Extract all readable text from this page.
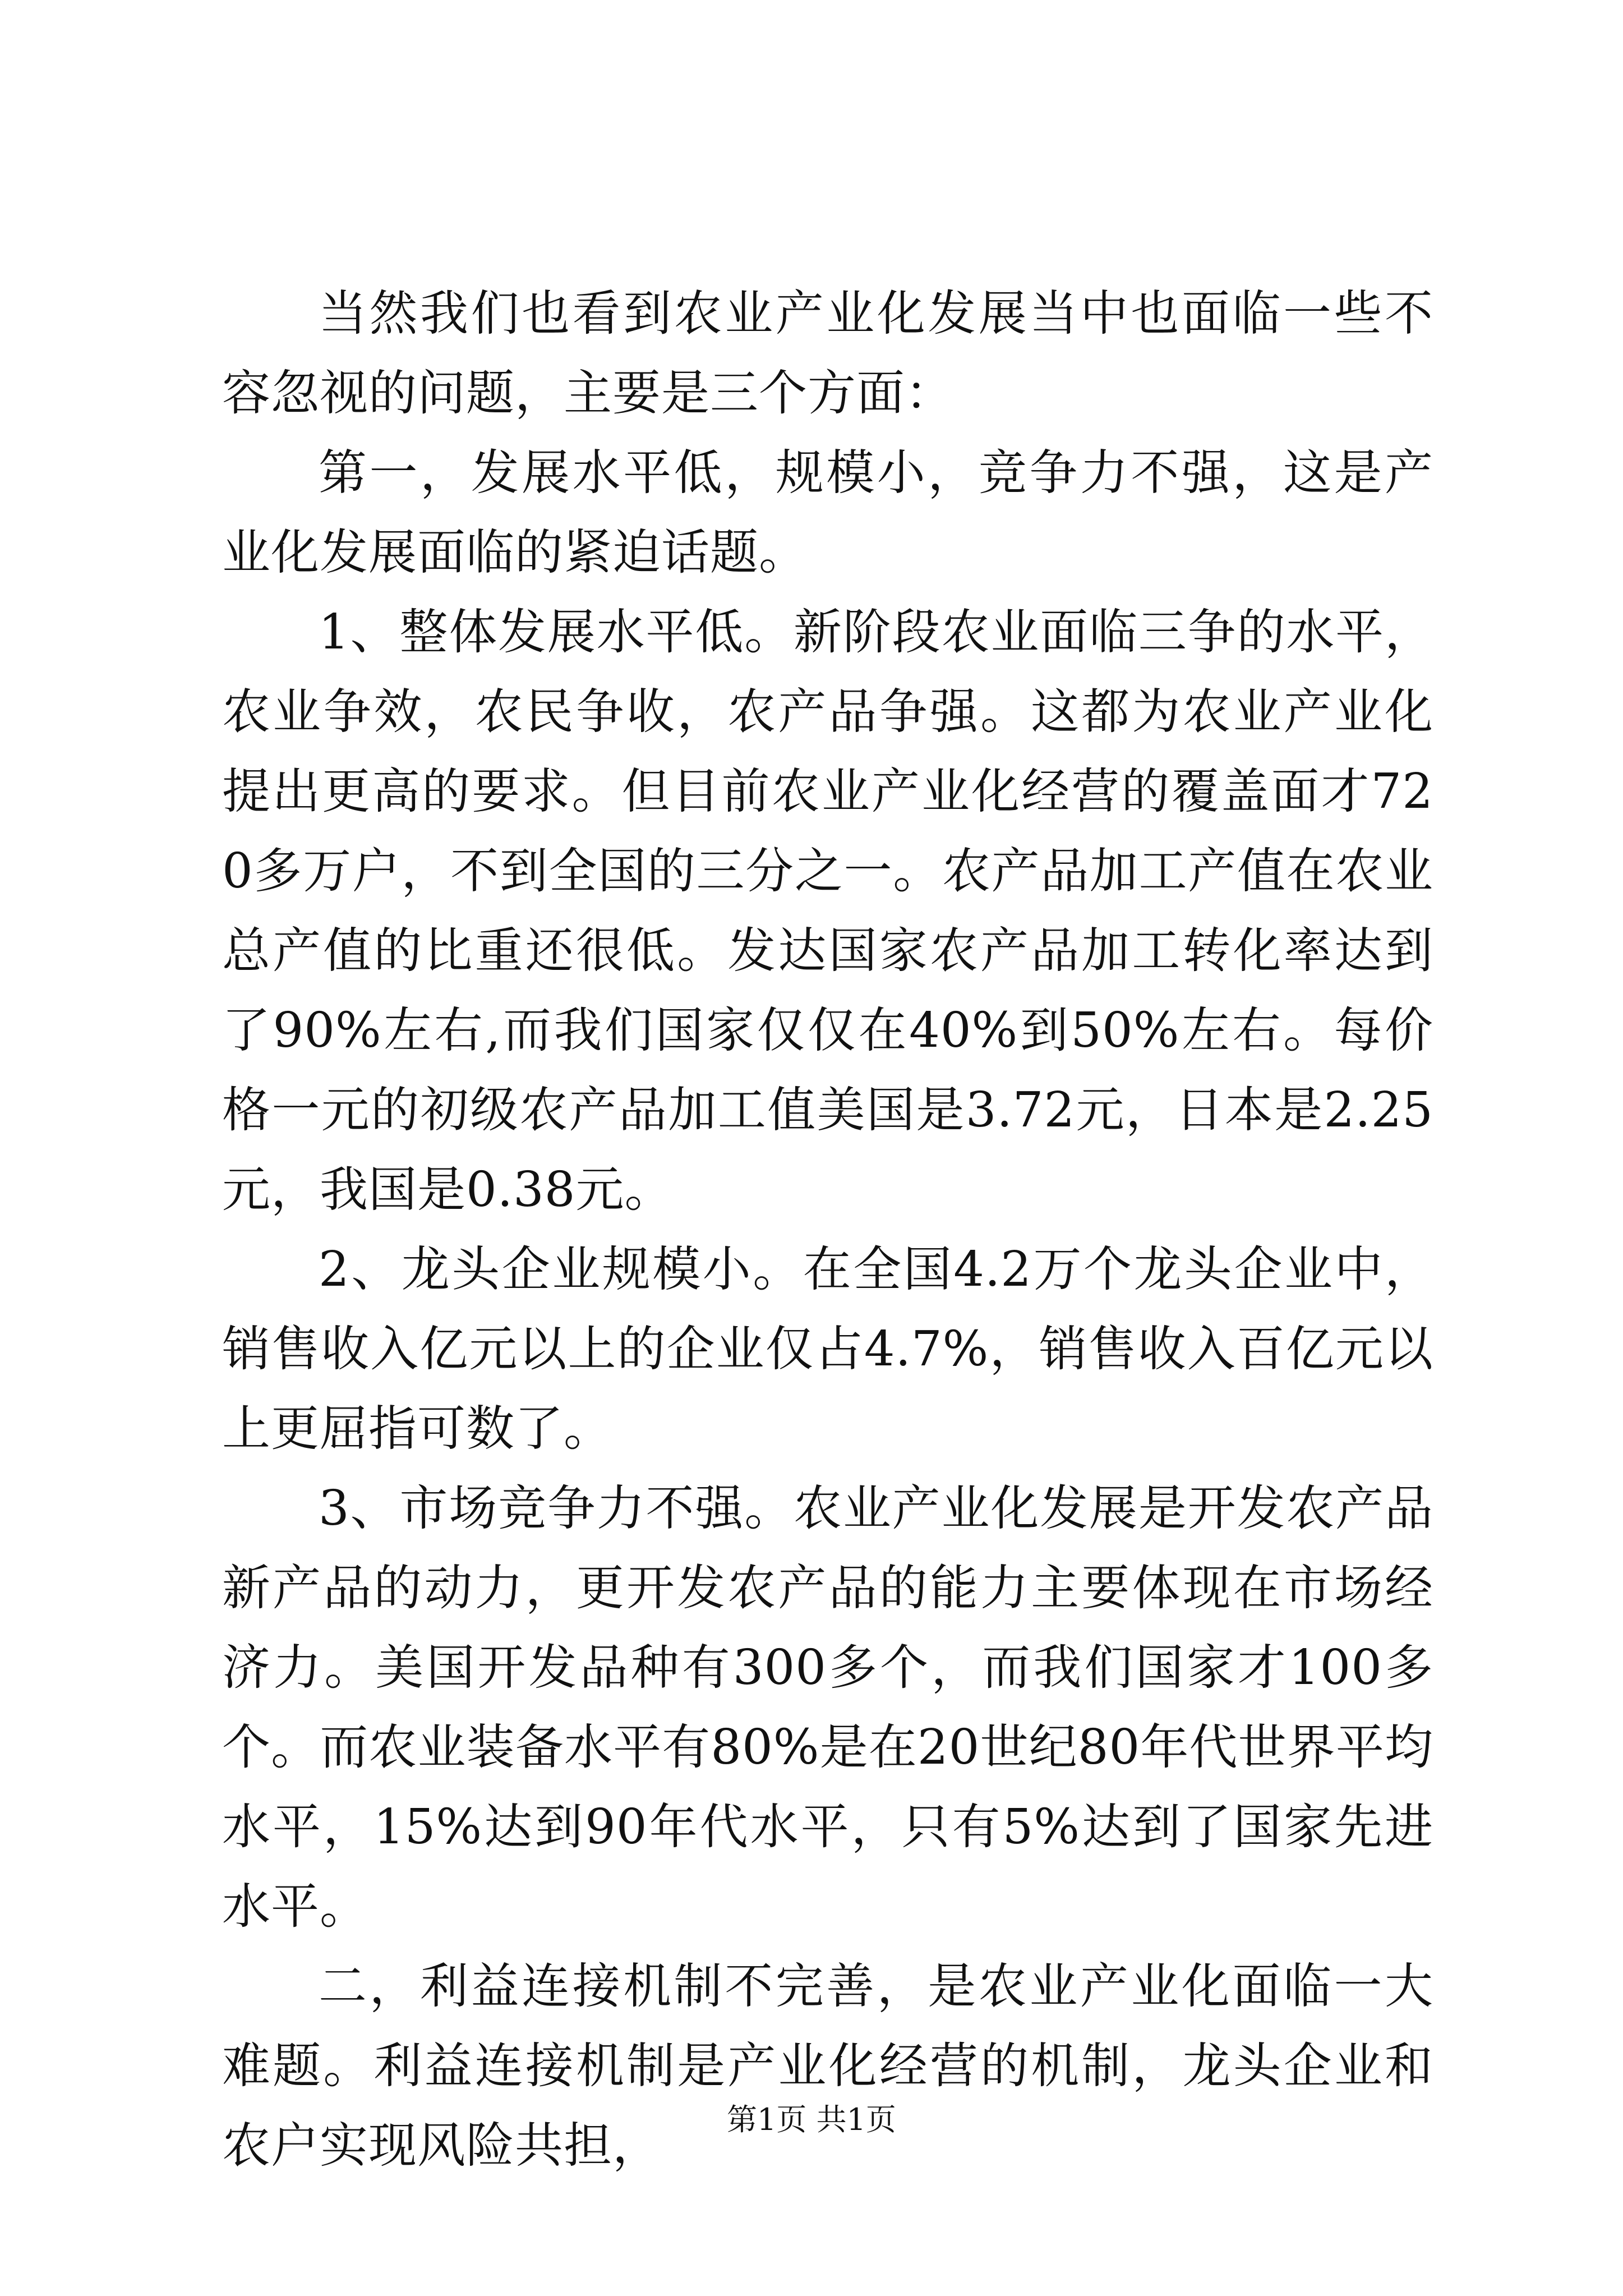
当然我们也看到农业产业化发展当中也面临一些不容忽视的问题，主要是三个方面：

第一，发展水平低，规模小，竞争力不强，这是产业化发展面临的紧迫话题。

1、整体发展水平低。新阶段农业面临三争的水平，农业争效，农民争收，农产品争强。这都为农业产业化提出更高的要求。但目前农业产业化经营的覆盖面才720多万户，不到全国的三分之一。农产品加工产值在农业总产值的比重还很低。发达国家农产品加工转化率达到了90%左右,而我们国家仅仅在40%到50%左右。每价格一元的初级农产品加工值美国是3.72元，日本是2.25元，我国是0.38元。

2、龙头企业规模小。在全国4.2万个龙头企业中，销售收入亿元以上的企业仅占4.7%，销售收入百亿元以上更屈指可数了。

3、市场竞争力不强。农业产业化发展是开发农产品新产品的动力，更开发农产品的能力主要体现在市场经济力。美国开发品种有300多个，而我们国家才100多个。而农业装备水平有80%是在20世纪80年代世界平均水平，15%达到90年代水平，只有5%达到了国家先进水平。

二，利益连接机制不完善，是农业产业化面临一大难题。利益连接机制是产业化经营的机制，龙头企业和农户实现风险共担，	第1页 共1页
